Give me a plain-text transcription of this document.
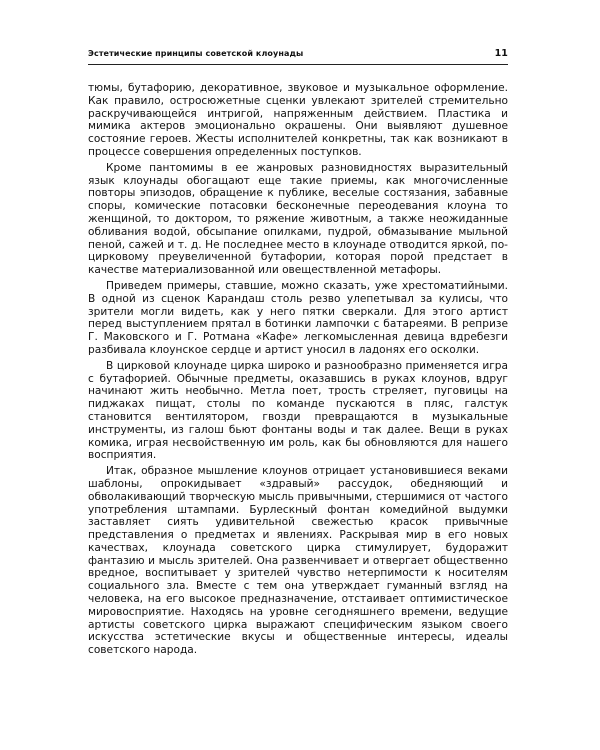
Эстетические принципы советской клоунады	11

тюмы, бутафорию, декоративное, звуковое и музыкальное оформление. Как правило, остросюжетные сценки увлекают зрителей стремительно раскручивающейся интригой, напряженным действием. Пластика и мимика актеров эмоционально окрашены. Они выявляют душевное состояние героев. Жесты исполнителей конкретны, так как возникают в процессе совершения определенных поступков.

Кроме пантомимы в ее жанровых разновидностях выразительный язык клоунады обогащают еще такие приемы, как многочисленные повторы эпизодов, обращение к публике, веселые состязания, забавные споры, комические потасовки бесконечные переодевания клоуна то женщиной, то доктором, то ряжение животным, а также неожиданные обливания водой, обсыпание опилками, пудрой, обмазывание мыльной пеной, сажей и т. д. Не последнее место в клоунаде отводится яркой, по-цирковому преувеличенной бутафории, которая порой предстает в качестве материализованной или овеществленной метафоры.

Приведем примеры, ставшие, можно сказать, уже хрестоматийными. В одной из сценок Карандаш столь резво улепетывал за кулисы, что зрители могли видеть, как у него пятки сверкали. Для этого артист перед выступлением прятал в ботинки лампочки с батареями. В репризе Г. Маковского и Г. Ротмана «Кафе» легкомысленная девица вдребезги разбивала клоунское сердце и артист уносил в ладонях его осколки.

В цирковой клоунаде цирка широко и разнообразно применяется игра с бутафорией. Обычные предметы, оказавшись в руках клоунов, вдруг начинают жить необычно. Метла поет, трость стреляет, пуговицы на пиджаках пищат, столы по команде пускаются в пляс, галстук становится вентилятором, гвозди превращаются в музыкальные инструменты, из галош бьют фонтаны воды и так далее. Вещи в руках комика, играя несвойственную им роль, как бы обновляются для нашего восприятия.

Итак, образное мышление клоунов отрицает установившиеся веками шаблоны, опрокидывает «здравый» рассудок, обедняющий и обволакивающий творческую мысль привычными, стершимися от частого употребления штампами. Бурлескный фонтан комедийной выдумки заставляет сиять удивительной свежестью красок привычные представления о предметах и явлениях. Раскрывая мир в его новых качествах, клоунада советского цирка стимулирует, будоражит фантазию и мысль зрителей. Она развенчивает и отвергает общественно вредное, воспитывает у зрителей чувство нетерпимости к носителям социального зла. Вместе с тем она утверждает гуманный взгляд на человека, на его высокое предназначение, отстаивает оптимистическое мировосприятие. Находясь на уровне сегодняшнего времени, ведущие артисты советского цирка выражают специфическим языком своего искусства эстетические вкусы и общественные интересы, идеалы советского народа.
